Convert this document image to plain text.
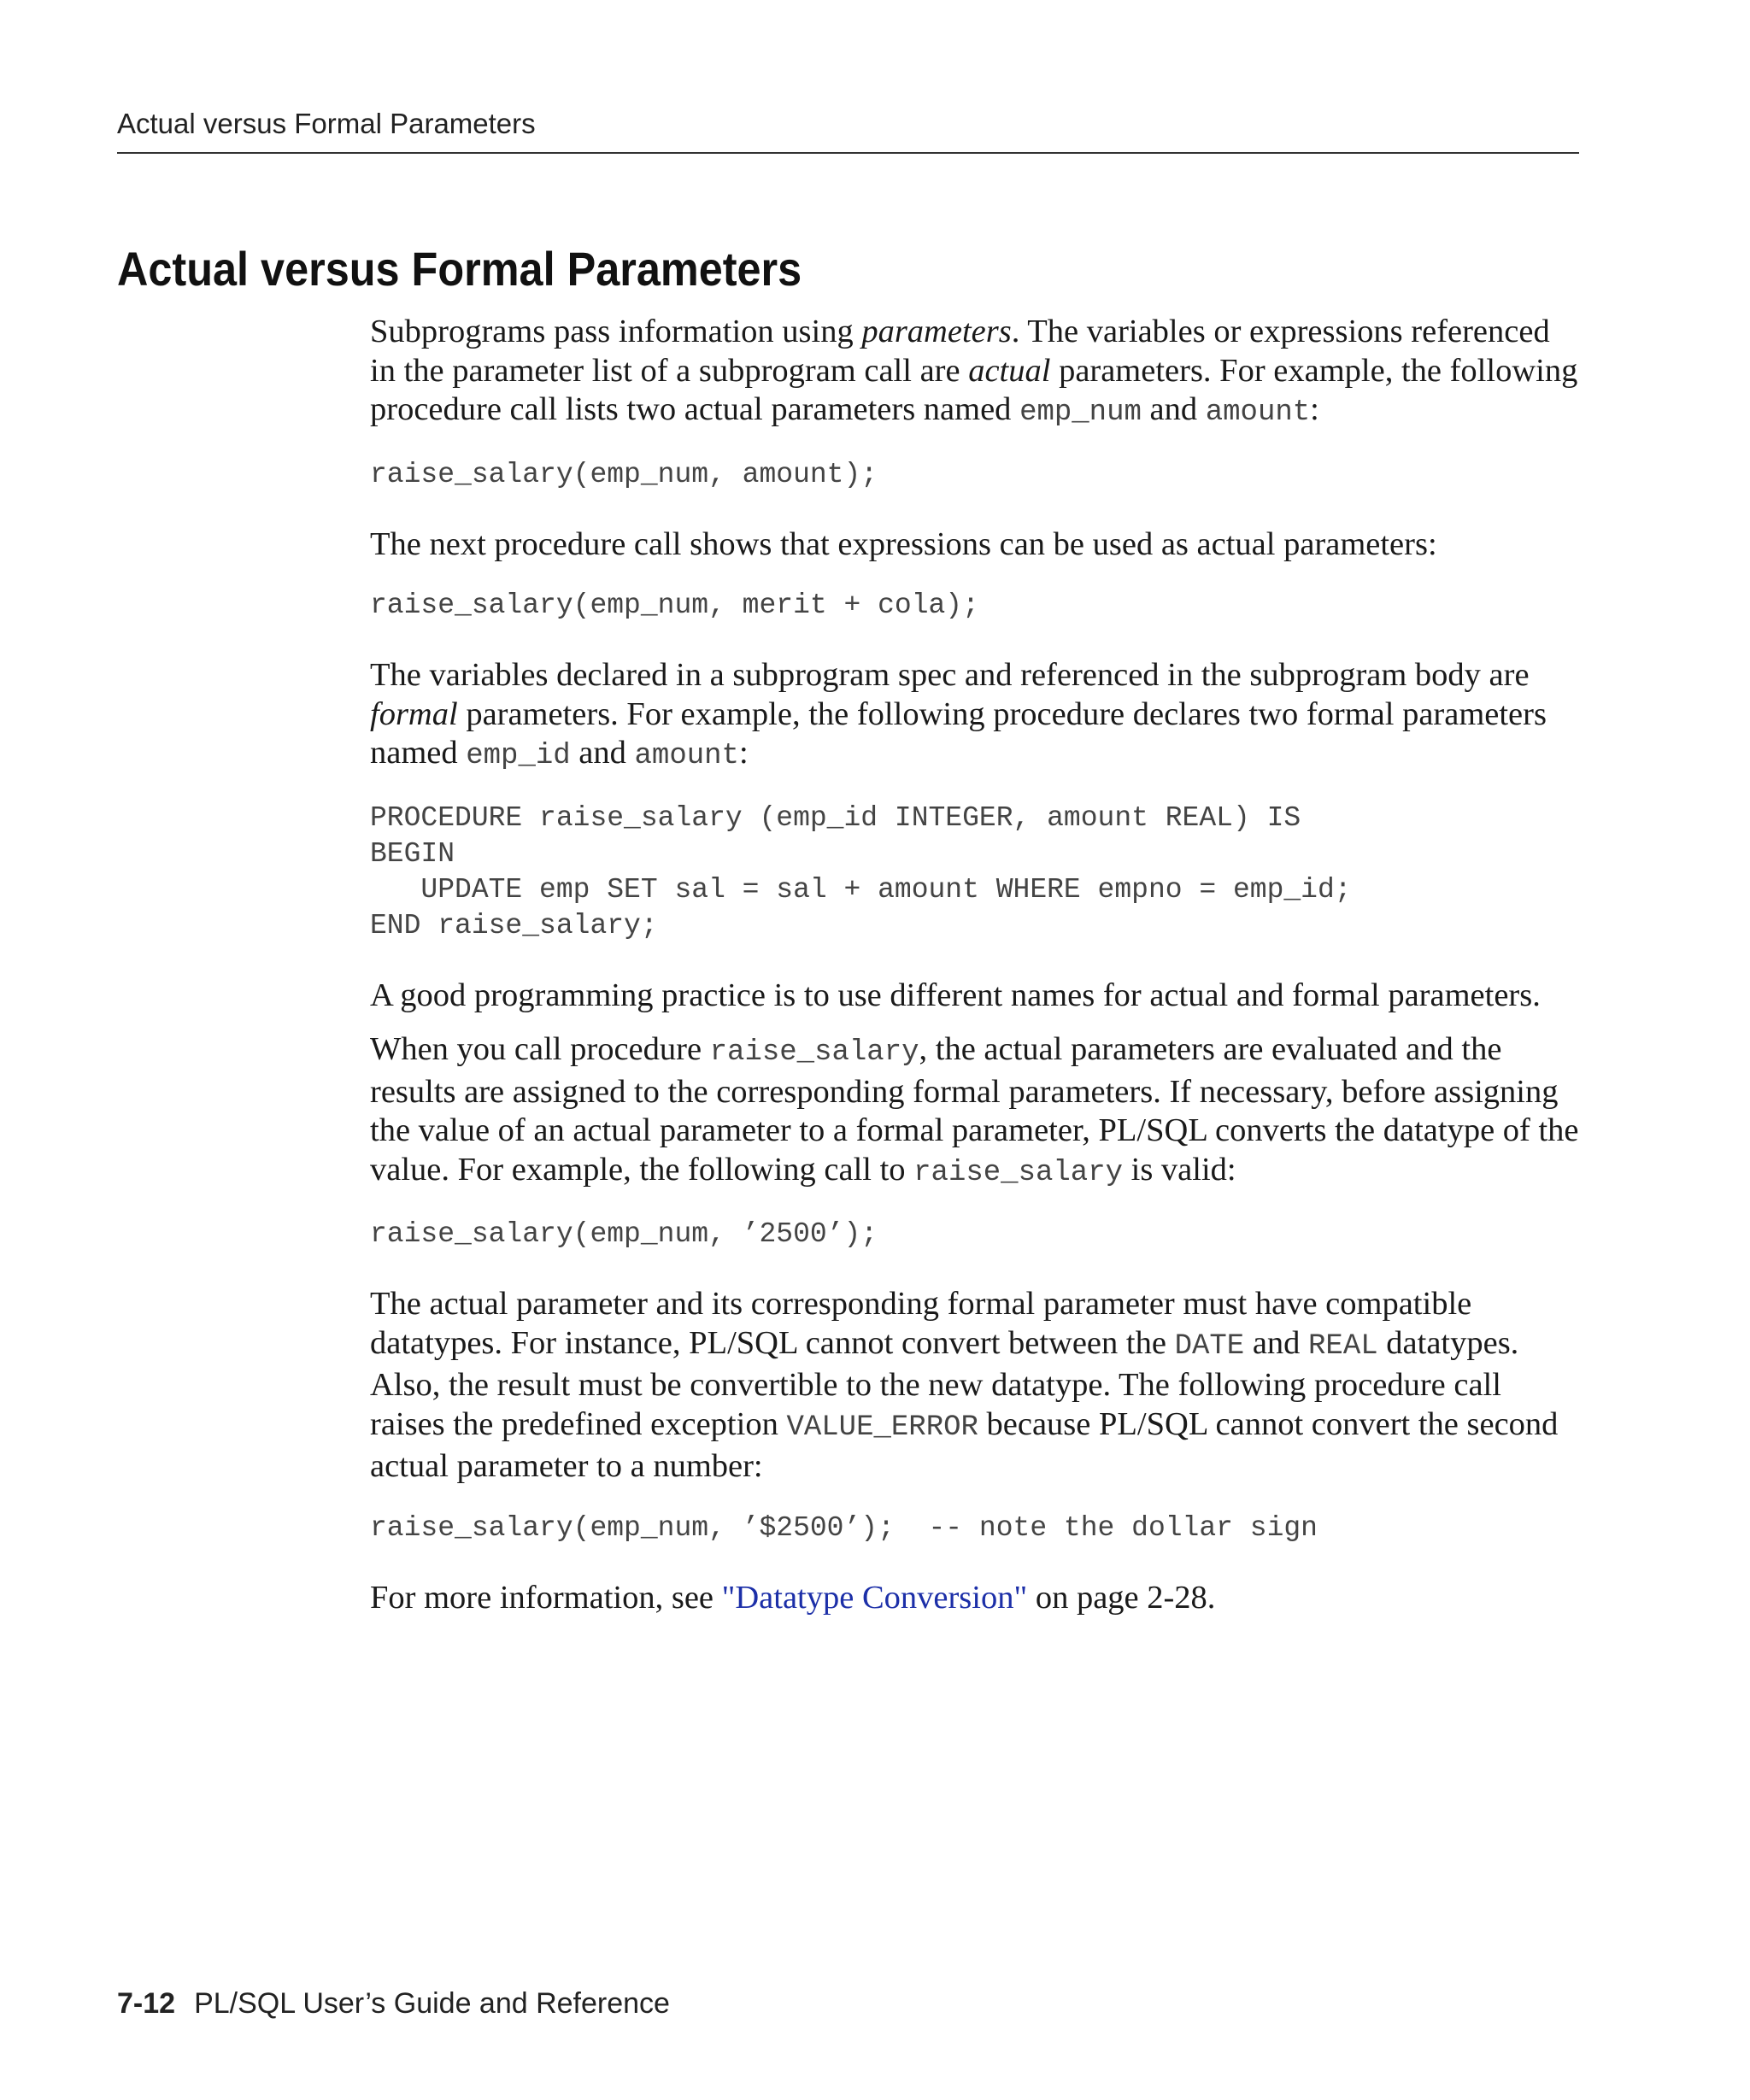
Actual versus Formal Parameters
Actual versus Formal Parameters

Subprograms pass information using parameters. The variables or expressions referenced in the parameter list of a subprogram call are actual parameters. For example, the following procedure call lists two actual parameters named emp_num and amount:

raise_salary(emp_num, amount);

The next procedure call shows that expressions can be used as actual parameters:

raise_salary(emp_num, merit + cola);

The variables declared in a subprogram spec and referenced in the subprogram body are formal parameters. For example, the following procedure declares two formal parameters named emp_id and amount:

PROCEDURE raise_salary (emp_id INTEGER, amount REAL) IS
BEGIN
UPDATE emp SET sal = sal + amount WHERE empno = emp_id;
END raise_salary;

A good programming practice is to use different names for actual and formal parameters.

When you call procedure raise_salary, the actual parameters are evaluated and the results are assigned to the corresponding formal parameters. If necessary, before assigning the value of an actual parameter to a formal parameter, PL/SQL converts the datatype of the value. For example, the following call to raise_salary is valid:

raise_salary(emp_num, ’2500’);

The actual parameter and its corresponding formal parameter must have compatible datatypes. For instance, PL/SQL cannot convert between the DATE and REAL datatypes. Also, the result must be convertible to the new datatype. The following procedure call raises the predefined exception VALUE_ERROR because PL/SQL cannot convert the second actual parameter to a number:

raise_salary(emp_num, ’$2500’);  -- note the dollar sign

For more information, see "Datatype Conversion" on page 2-28.

7-12 PL/SQL User’s Guide and Reference
